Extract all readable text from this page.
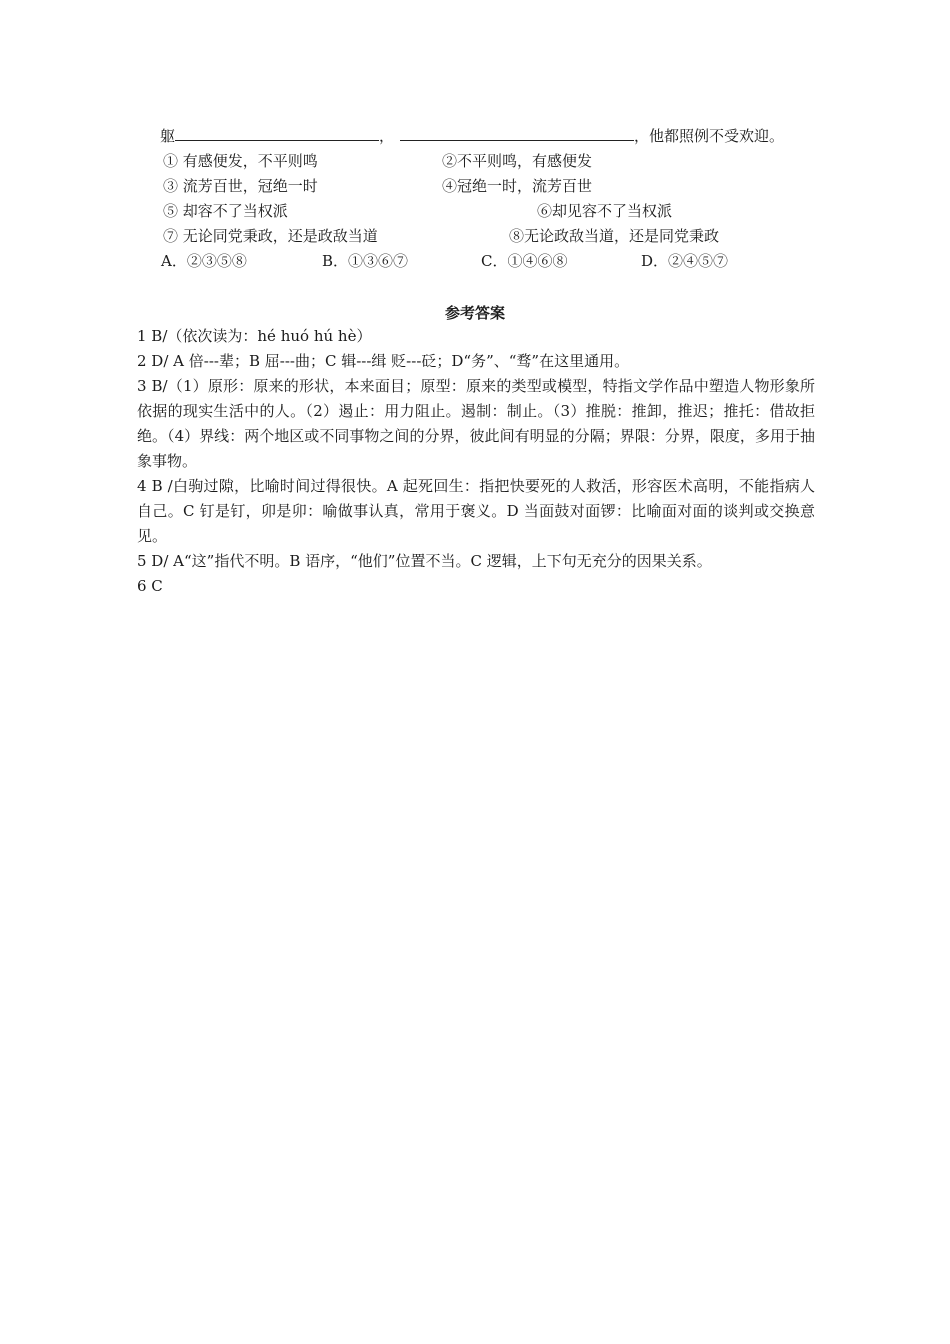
躯	，	，他都照例不受欢迎。
① 有感便发，不平则鸣	②不平则鸣，有感便发
③ 流芳百世，冠绝一时	④冠绝一时，流芳百世
⑤ 却容不了当权派	⑥却见容不了当权派
⑦ 无论同党秉政，还是政敌当道	⑧无论政敌当道，还是同党秉政
A．②③⑤⑧	B．①③⑥⑦	C．①④⑥⑧	D．②④⑤⑦
参考答案
1 B/（依次读为：hé huó hú hè）
2 D/ A 倍---辈；B 屈---曲；C 辑---缉 贬---砭；D“务”、“骛”在这里通用。
3 B/（1）原形：原来的形状，本来面目；原型：原来的类型或模型，特指文学作品中塑造人物形象所依据的现实生活中的人。（2）遏止：用力阻止。遏制：制止。（3）推脱：推卸，推迟；推托：借故拒绝。（4）界线：两个地区或不同事物之间的分界，彼此间有明显的分隔；界限：分界，限度，多用于抽象事物。
4 B /白驹过隙，比喻时间过得很快。A 起死回生：指把快要死的人救活，形容医术高明，不能指病人自己。C 钉是钉，卯是卯：喻做事认真，常用于褒义。D 当面鼓对面锣：比喻面对面的谈判或交换意见。
5 D/ A“这”指代不明。B 语序，“他们”位置不当。C 逻辑，上下句无充分的因果关系。
6 C
